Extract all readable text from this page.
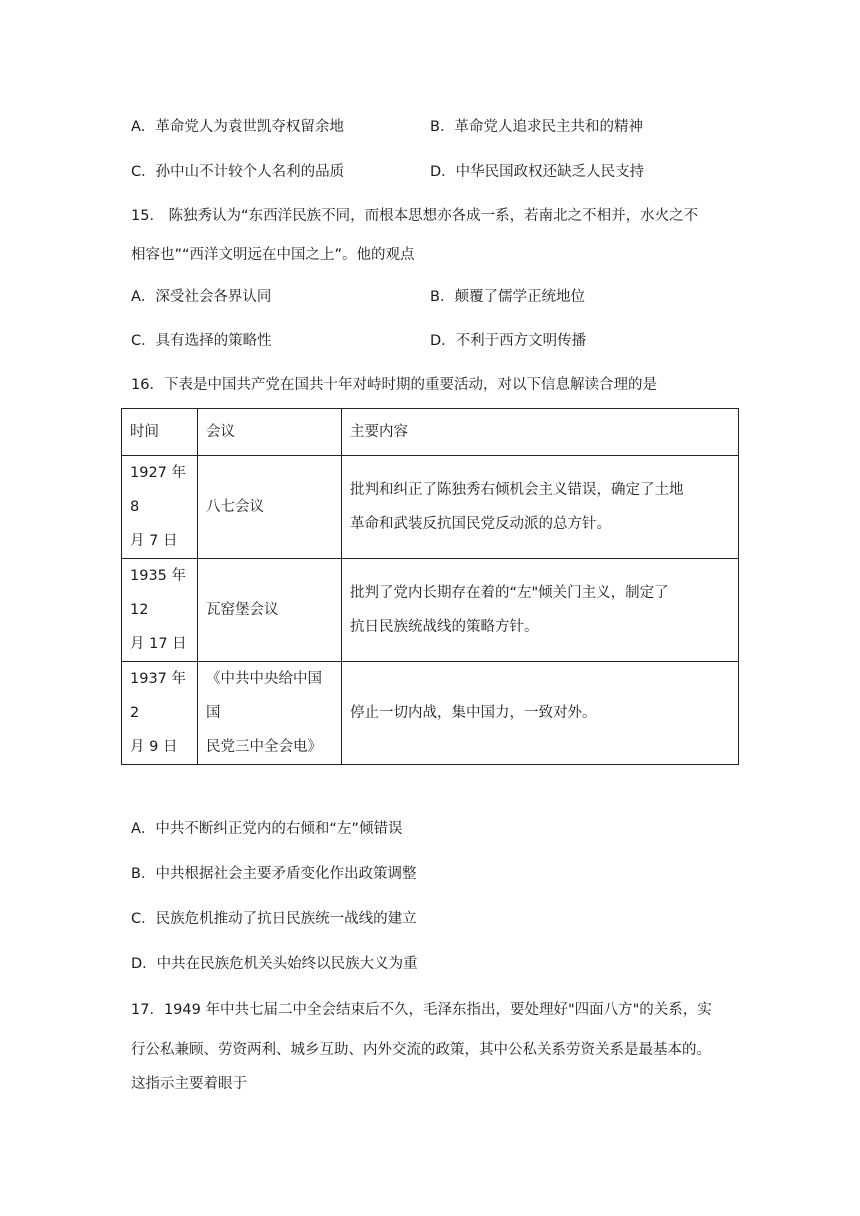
A．革命党人为袁世凯夺权留余地	B．革命党人追求民主共和的精神
C．孙中山不计较个人名利的品质	D．中华民国政权还缺乏人民支持
15． 陈独秀认为“东西洋民族不同，而根本思想亦各成一系，若南北之不相并，水火之不
相容也”“西洋文明远在中国之上”。他的观点
A．深受社会各界认同	B．颠覆了儒学正统地位
C．具有选择的策略性	D．不利于西方文明传播
16．下表是中国共产党在国共十年对峙时期的重要活动，对以下信息解读合理的是
时间	会议	主要内容

1927 年 8
月 7 日	八七会议	批判和纠正了陈独秀右倾机会主义错误，确定了土地
革命和武装反抗国民党反动派的总方针。

1935 年 12
月 17 日	瓦窑堡会议	批判了党内长期存在着的“左"倾关门主义，制定了
抗日民族统战线的策略方针。

1937 年 2
月 9 日	《中共中央给中国国
民党三中全会电》	停止一切内战，集中国力，一致对外。
A．中共不断纠正党内的右倾和“左”倾错误
B．中共根据社会主要矛盾变化作出政策调整
C．民族危机推动了抗日民族统一战线的建立
D．中共在民族危机关头始终以民族大义为重
17．1949 年中共七届二中全会结束后不久，毛泽东指出，要处理好"四面八方"的关系，实
行公私兼顾、劳资两利、城乡互助、内外交流的政策，其中公私关系劳资关系是最基本的。
这指示主要着眼于
